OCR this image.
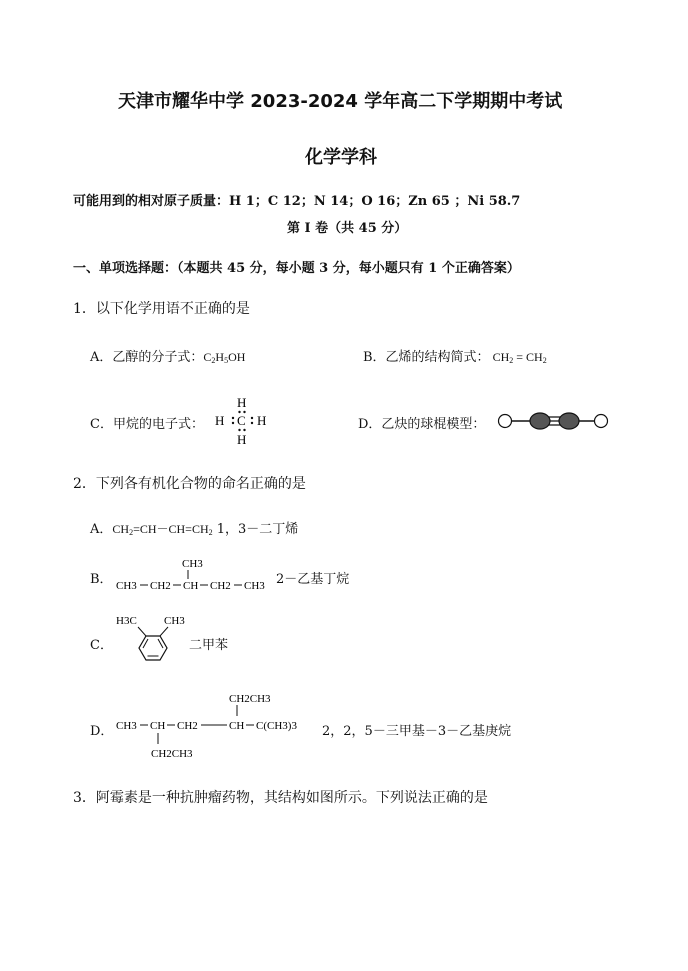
天津市耀华中学 2023-2024 学年高二下学期期中考试
化学学科
可能用到的相对原子质量：H 1；C 12；N 14；O 16；Zn 65 ；Ni 58.7
第 I 卷（共 45 分）
一、单项选择题：（本题共 45 分，每小题 3 分，每小题只有 1 个正确答案）
1．以下化学用语不正确的是
A．乙醇的分子式：$C_2H_5OH$	B．乙烯的结构简式： $CH_2 = CH_2$
C．甲烷的电子式：
H
H C H
H
D．乙炔的球棍模型：
2．下列各有机化合物的命名正确的是
A．$CH_2=CH-CH=CH_2$ 1，3－二丁烯
B．
CH3
CH3 CH2 CH CH2 CH3 2－乙基丁烷
C．
H3C CH3
二甲苯
D．
CH2CH3
CH3 CH CH2	CH C(CH3)3
CH2CH3
2，2，5－三甲基－3－乙基庚烷
3．阿霉素是一种抗肿瘤药物，其结构如图所示。下列说法正确的是
